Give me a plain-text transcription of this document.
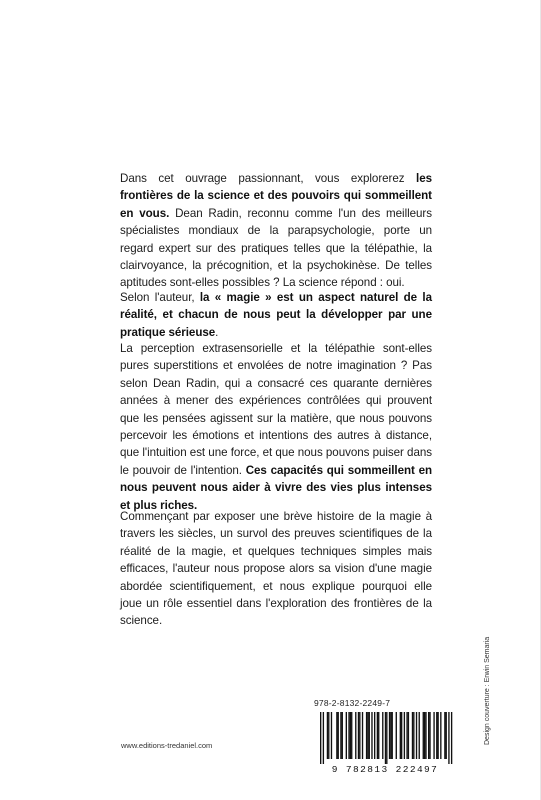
Dans cet ouvrage passionnant, vous explorerez les frontières de la science et des pouvoirs qui sommeillent en vous. Dean Radin, reconnu comme l'un des meilleurs spécialistes mondiaux de la parapsychologie, porte un regard expert sur des pratiques telles que la télépathie, la clairvoyance, la précognition, et la psychokinèse. De telles aptitudes sont-elles possibles ? La science répond : oui.

Selon l'auteur, la « magie » est un aspect naturel de la réalité, et chacun de nous peut la développer par une pratique sérieuse.

La perception extrasensorielle et la télépathie sont-elles pures superstitions et envolées de notre imagination ? Pas selon Dean Radin, qui a consacré ces quarante dernières années à mener des expériences contrôlées qui prouvent que les pensées agissent sur la matière, que nous pouvons percevoir les émotions et intentions des autres à distance, que l'intuition est une force, et que nous pouvons puiser dans le pouvoir de l'intention. Ces capacités qui sommeillent en nous peuvent nous aider à vivre des vies plus intenses et plus riches.

Commençant par exposer une brève histoire de la magie à travers les siècles, un survol des preuves scientifiques de la réalité de la magie, et quelques techniques simples mais efficaces, l'auteur nous propose alors sa vision d'une magie abordée scientifiquement, et nous explique pourquoi elle joue un rôle essentiel dans l'exploration des frontières de la science.

978-2-8132-2249-7
9 782813 222497
www.editions-tredaniel.com
Design couverture : Erwin Semaria
